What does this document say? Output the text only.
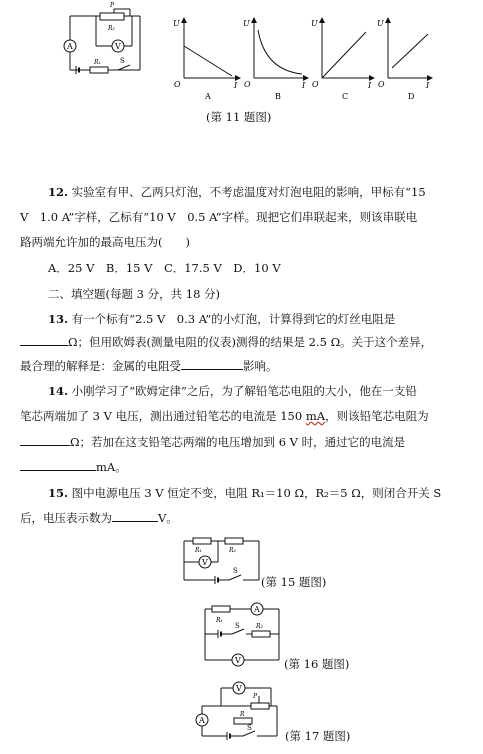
P
R₂
R₁	S
A	V
U
I
O
A
U
I
O
B
U
I
O
C
U
I
O
D
(第 11 题图)
12. 实验室有甲、乙两只灯泡，不考虑温度对灯泡电阻的影响，甲标有“15
V　1.0 A”字样，乙标有“10 V　0.5 A”字样。现把它们串联起来，则该串联电
路两端允许加的最高电压为(　　)
A．25 V　B．15 V　C．17.5 V　D．10 V
二、填空题(每题 3 分，共 18 分)
13. 有一个标有“2.5 V　0.3 A”的小灯泡，计算得到它的灯丝电阻是
Ω；但用欧姆表(测量电阻的仪表)测得的结果是 2.5 Ω。关于这个差异，
最合理的解释是：金属的电阻受	影响。
14. 小刚学习了“欧姆定律”之后，为了解铅笔芯电阻的大小，他在一支铅
笔芯两端加了 3 V 电压，测出通过铅笔芯的电流是 150 mA，则该铅笔芯电阻为
Ω；若加在这支铅笔芯两端的电压增加到 6 V 时，通过它的电流是
mA。
15. 图中电源电压 3 V 恒定不变，电阻 R₁＝10 Ω，R₂＝5 Ω，则闭合开关 S
后，电压表示数为	V。
R₁	R₂
V
S
(第 15 题图)
R₁
A
S	R₂
V	(第 16 题图)
V
P
A
R
S
(第 17 题图)
